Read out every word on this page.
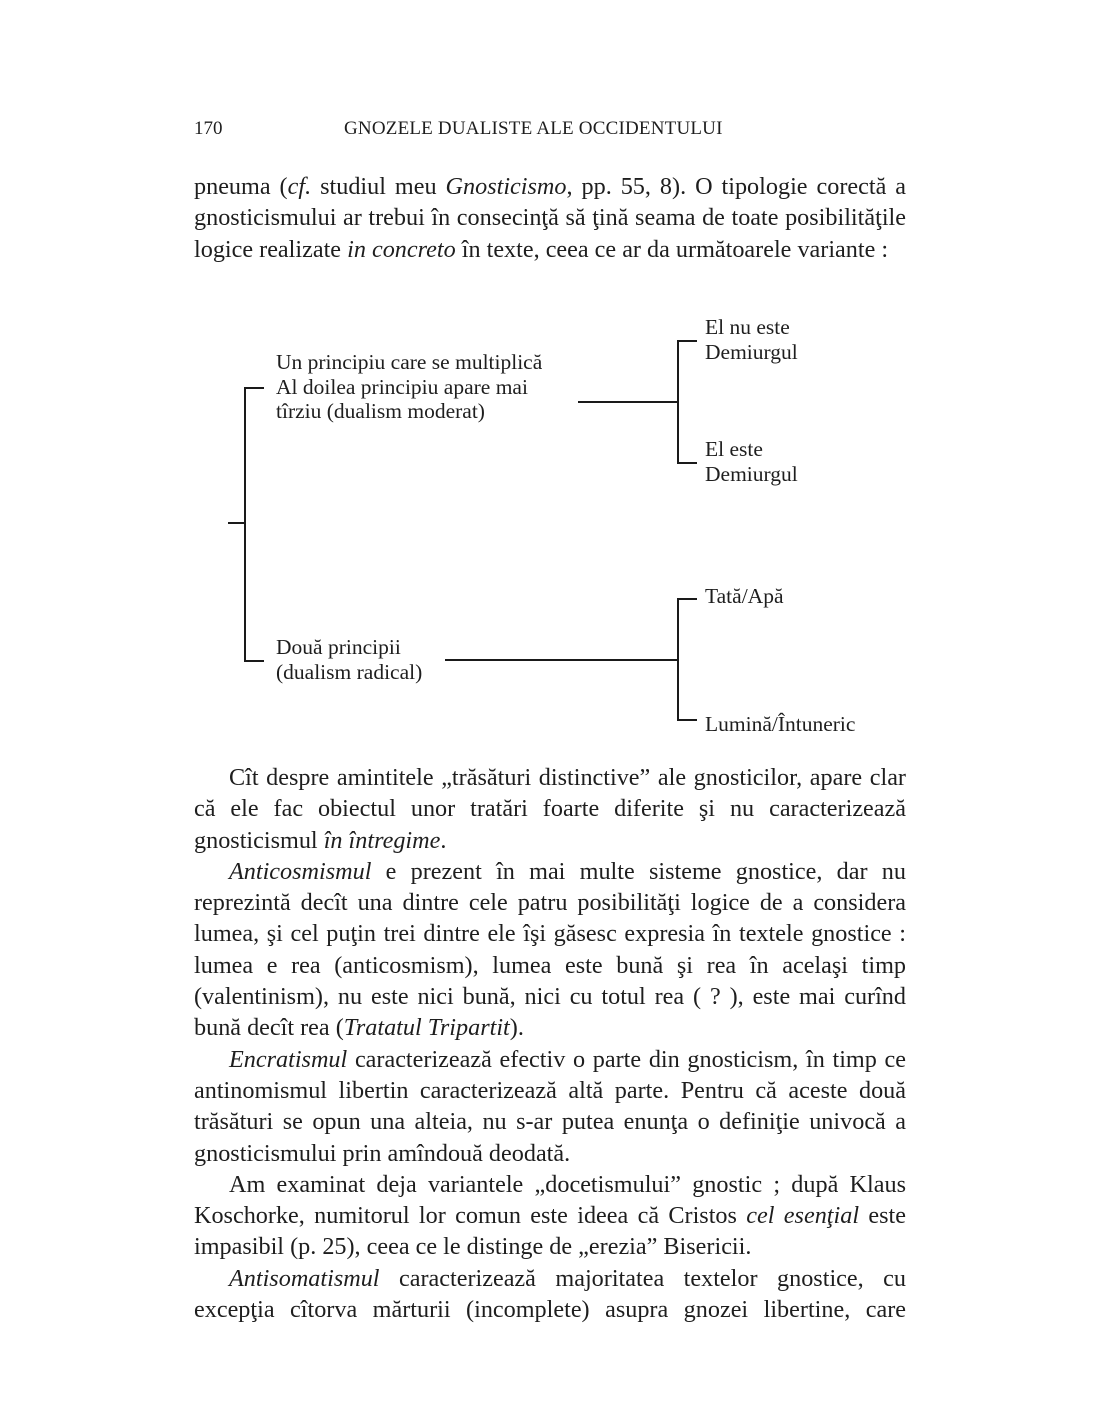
170	GNOZELE DUALISTE ALE OCCIDENTULUI

pneuma (cf. studiul meu Gnosticismo, pp. 55, 8). O tipologie corectă a gnosticismului ar trebui în consecinţă să ţină seama de toate posibilităţile logice realizate in concreto în texte, ceea ce ar da următoarele variante :

Un principiu care se multiplică
Al doilea principiu apare mai
tîrziu (dualism moderat)
El nu este
Demiurgul
El este
Demiurgul
Două principii
(dualism radical)
Tată/Apă
Lumină/Întuneric

Cît despre amintitele „trăsături distinctive” ale gnosticilor, apare clar că ele fac obiectul unor tratări foarte diferite şi nu caracterizează gnosticismul în întregime.

Anticosmismul e prezent în mai multe sisteme gnostice, dar nu reprezintă decît una dintre cele patru posibilităţi logice de a considera lumea, şi cel puţin trei dintre ele îşi găsesc expresia în textele gnostice : lumea e rea (anticosmism), lumea este bună şi rea în acelaşi timp (valentinism), nu este nici bună, nici cu totul rea ( ? ), este mai curînd bună decît rea (Tratatul Tripartit).

Encratismul caracterizează efectiv o parte din gnosticism, în timp ce antinomismul libertin caracterizează altă parte. Pentru că aceste două trăsături se opun una alteia, nu s-ar putea enunţa o definiţie univocă a gnosticismului prin amîndouă deodată.

Am examinat deja variantele „docetismului” gnostic ; după Klaus Koschorke, numitorul lor comun este ideea că Cristos cel esenţial este impasibil (p. 25), ceea ce le distinge de „erezia” Bisericii.

Antisomatismul caracterizează majoritatea textelor gnostice, cu excepţia cîtorva mărturii (incomplete) asupra gnozei libertine, care
